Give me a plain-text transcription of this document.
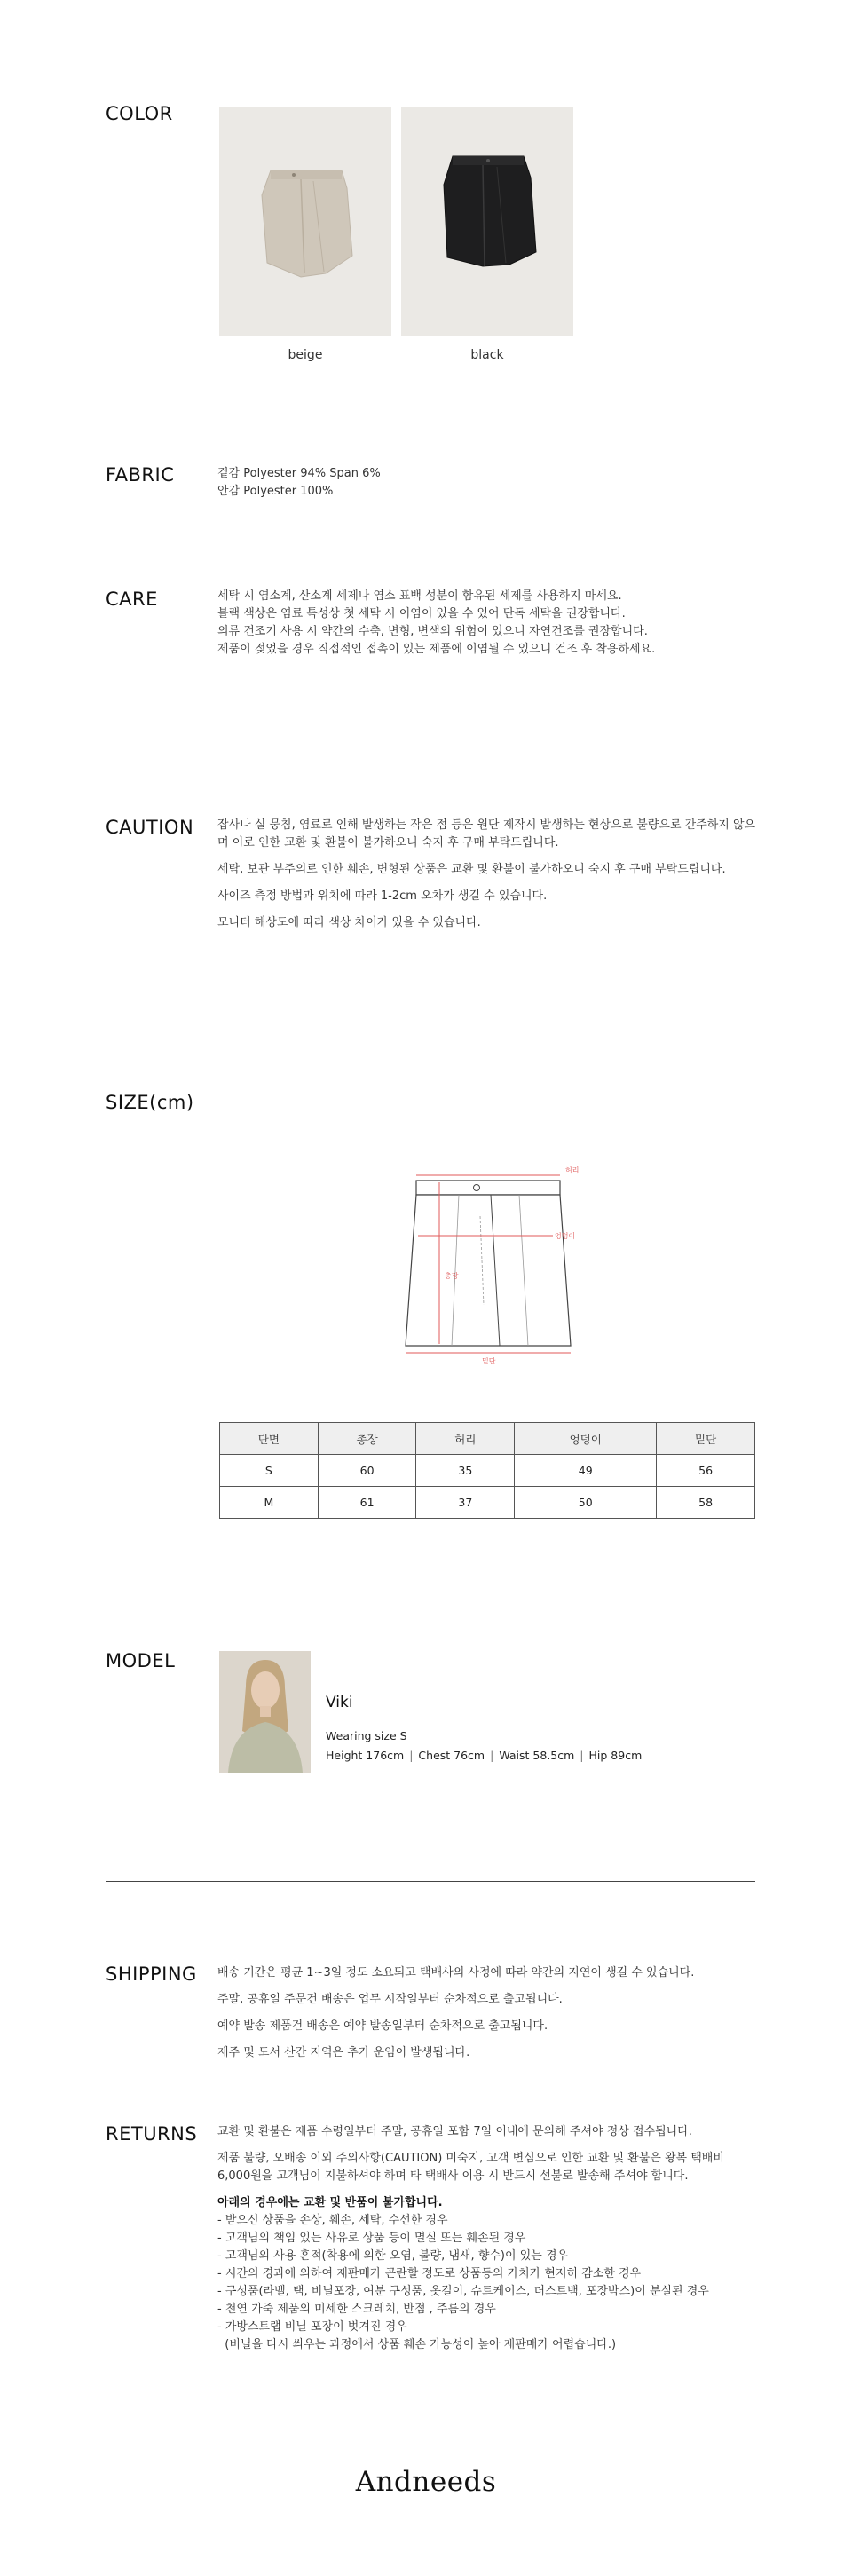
COLOR
beige	black
FABRIC	겉감 Polyester 94% Span 6%

안감 Polyester 100%

CARE	세탁 시 염소계, 산소계 세제나 염소 표백 성분이 함유된 세제를 사용하지 마세요.

블랙 색상은 염료 특성상 첫 세탁 시 이염이 있을 수 있어 단독 세탁을 권장합니다.

의류 건조기 사용 시 약간의 수축, 변형, 변색의 위험이 있으니 자연건조를 권장합니다.

제품이 젖었을 경우 직접적인 접촉이 있는 제품에 이염될 수 있으니 건조 후 착용하세요.

CAUTION 잡사나 실 뭉침, 염료로 인해 발생하는 작은 점 등은 원단 제작시 발생하는 현상으로 불량으로 간주하지 않으며 이로 인한 교환 및 환불이 불가하오니 숙지 후 구매 부탁드립니다.

세탁, 보관 부주의로 인한 훼손, 변형된 상품은 교환 및 환불이 불가하오니 숙지 후 구매 부탁드립니다.

사이즈 측정 방법과 위치에 따라 1-2cm 오차가 생길 수 있습니다.

모니터 해상도에 따라 색상 차이가 있을 수 있습니다.

SIZE(cm)
허리
엉덩이
총장
밑단
단면	총장	허리	엉덩이	밑단
S	60	35	49	56
M	61	37	50	58
MODEL
Viki
Wearing size S
Height 176cm | Chest 76cm | Waist 58.5cm | Hip 89cm
SHIPPING 배송 기간은 평균 1~3일 정도 소요되고 택배사의 사정에 따라 약간의 지연이 생길 수 있습니다.

주말, 공휴일 주문건 배송은 업무 시작일부터 순차적으로 출고됩니다.

예약 발송 제품건 배송은 예약 발송일부터 순차적으로 출고됩니다.

제주 및 도서 산간 지역은 추가 운임이 발생됩니다.

RETURNS 교환 및 환불은 제품 수령일부터 주말, 공휴일 포함 7일 이내에 문의해 주셔야 정상 접수됩니다.

제품 불량, 오배송 이외 주의사항(CAUTION) 미숙지, 고객 변심으로 인한 교환 및 환불은 왕복 택배비 6,000원을 고객님이 지불하셔야 하며 타 택배사 이용 시 반드시 선불로 발송해 주셔야 합니다.

아래의 경우에는 교환 및 반품이 불가합니다.

- 받으신 상품을 손상, 훼손, 세탁, 수선한 경우

- 고객님의 책임 있는 사유로 상품 등이 멸실 또는 훼손된 경우

- 고객님의 사용 흔적(착용에 의한 오염, 불량, 냄새, 향수)이 있는 경우

- 시간의 경과에 의하여 재판매가 곤란할 정도로 상품등의 가치가 현저히 감소한 경우

- 구성품(라벨, 택, 비닐포장, 여분 구성품, 옷걸이, 슈트케이스, 더스트백, 포장박스)이 분실된 경우

- 천연 가죽 제품의 미세한 스크레치, 반점 , 주름의 경우

- 가방스트랩 비닐 포장이 벗겨진 경우

(비닐을 다시 씌우는 과정에서 상품 훼손 가능성이 높아 재판매가 어렵습니다.)

Andneeds
